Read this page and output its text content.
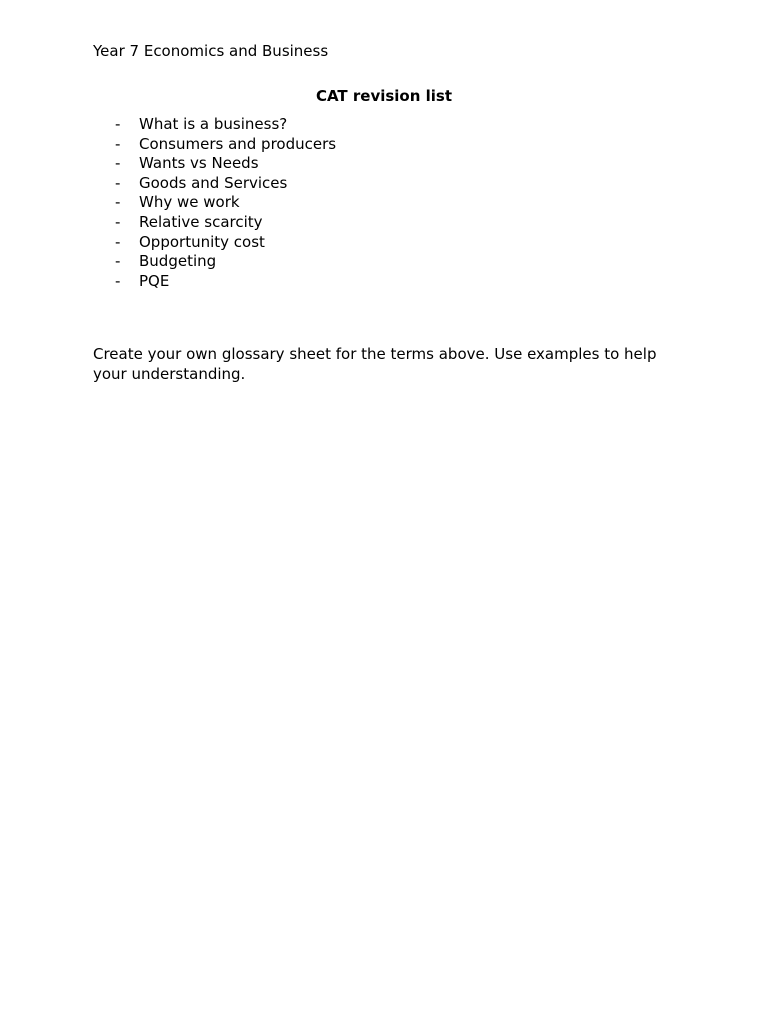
Year 7 Economics and Business
CAT revision list
- What is a business?
- Consumers and producers
- Wants vs Needs
- Goods and Services
- Why we work
- Relative scarcity
- Opportunity cost
- Budgeting
- PQE

Create your own glossary sheet for the terms above. Use examples to help your understanding.
